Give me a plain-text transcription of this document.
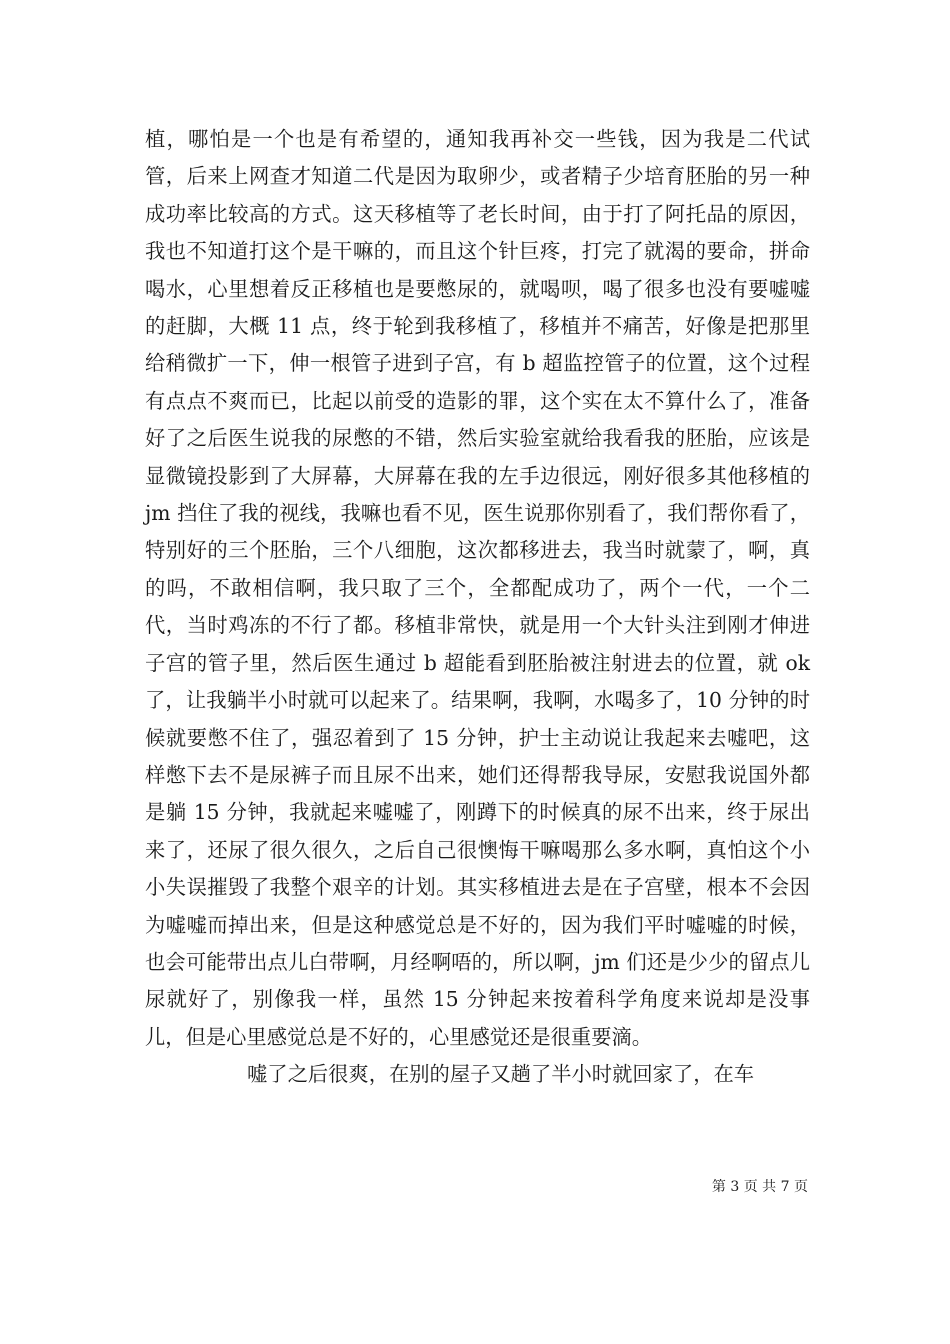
植，哪怕是一个也是有希望的，通知我再补交一些钱，因为我是二代试管，后来上网查才知道二代是因为取卵少，或者精子少培育胚胎的另一种成功率比较高的方式。这天移植等了老长时间，由于打了阿托品的原因，我也不知道打这个是干嘛的，而且这个针巨疼，打完了就渴的要命，拼命喝水，心里想着反正移植也是要憋尿的，就喝呗，喝了很多也没有要嘘嘘的赶脚，大概 11 点，终于轮到我移植了，移植并不痛苦，好像是把那里给稍微扩一下，伸一根管子进到子宫，有 b 超监控管子的位置，这个过程有点点不爽而已，比起以前受的造影的罪，这个实在太不算什么了，准备好了之后医生说我的尿憋的不错，然后实验室就给我看我的胚胎，应该是显微镜投影到了大屏幕，大屏幕在我的左手边很远，刚好很多其他移植的 jm 挡住了我的视线，我嘛也看不见，医生说那你别看了，我们帮你看了，特别好的三个胚胎，三个八细胞，这次都移进去，我当时就蒙了，啊，真的吗，不敢相信啊，我只取了三个，全都配成功了，两个一代，一个二代，当时鸡冻的不行了都。移植非常快，就是用一个大针头注到刚才伸进子宫的管子里，然后医生通过 b 超能看到胚胎被注射进去的位置，就 ok 了，让我躺半小时就可以起来了。结果啊，我啊，水喝多了，10 分钟的时候就要憋不住了，强忍着到了 15 分钟，护士主动说让我起来去嘘吧，这样憋下去不是尿裤子而且尿不出来，她们还得帮我导尿，安慰我说国外都是躺 15 分钟，我就起来嘘嘘了，刚蹲下的时候真的尿不出来，终于尿出来了，还尿了很久很久，之后自己很懊悔干嘛喝那么多水啊，真怕这个小小失误摧毁了我整个艰辛的计划。其实移植进去是在子宫壁，根本不会因为嘘嘘而掉出来，但是这种感觉总是不好的，因为我们平时嘘嘘的时候，也会可能带出点儿白带啊，月经啊唔的，所以啊，jm 们还是少少的留点儿尿就好了，别像我一样，虽然 15 分钟起来按着科学角度来说却是没事儿，但是心里感觉总是不好的，心里感觉还是很重要滴。

嘘了之后很爽，在别的屋子又趟了半小时就回家了，在车

第 3 页 共 7 页
